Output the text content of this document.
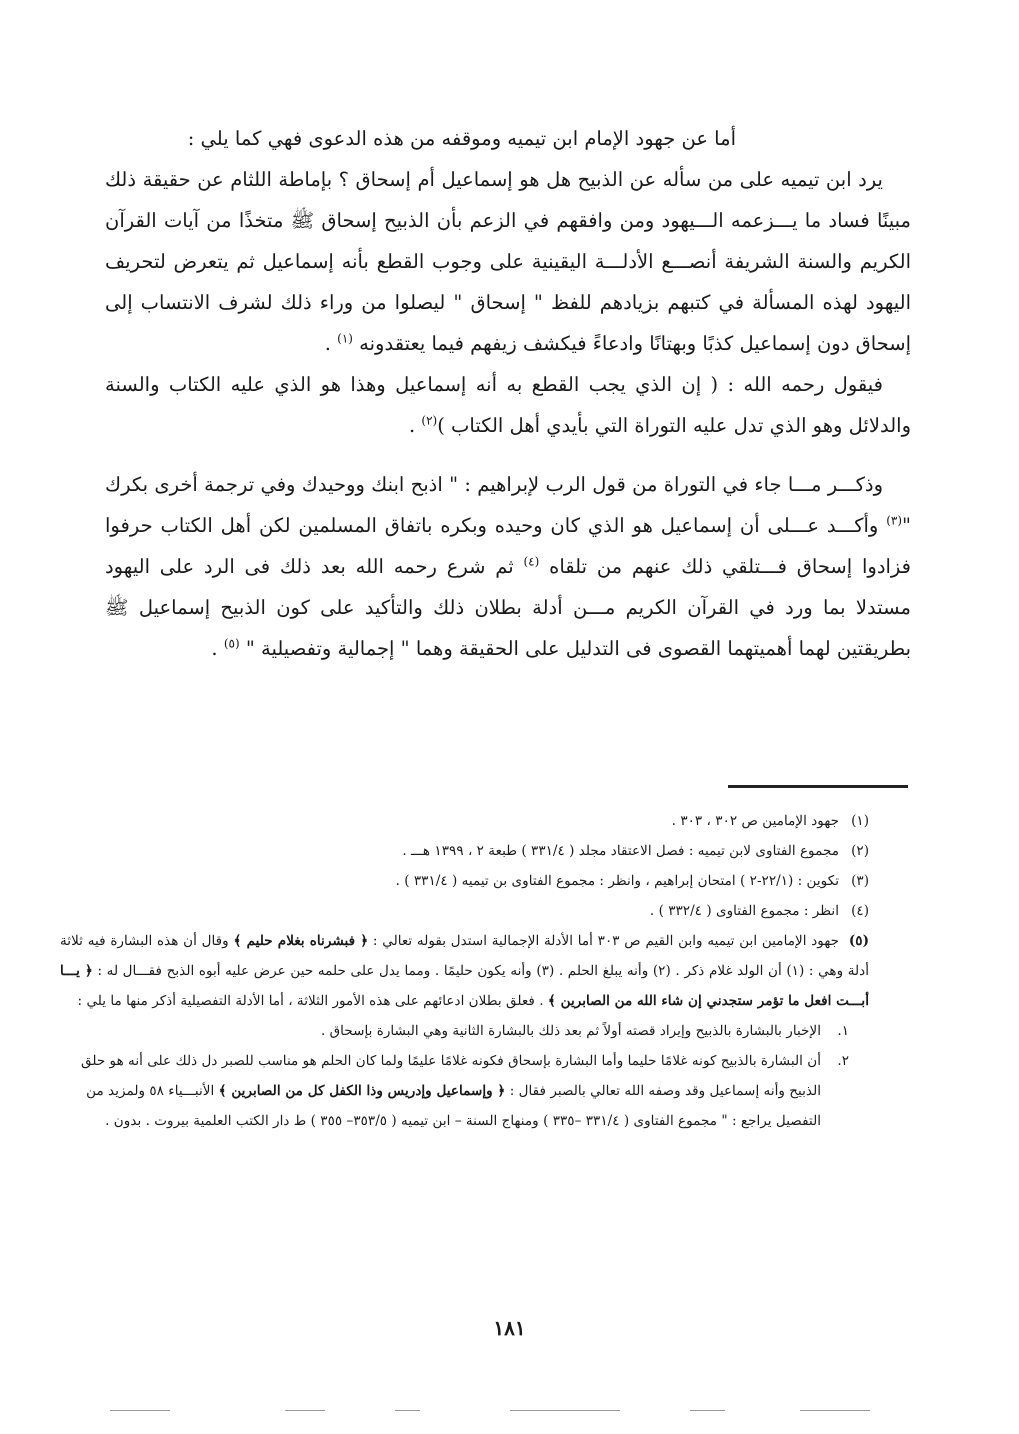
أما عن جهود الإمام ابن تيميه وموقفه من هذه الدعوى فهي كما يلي :

يرد ابن تيميه على من سأله عن الذبيح هل هو إسماعيل أم إسحاق ؟ بإماطة اللثام عن حقيقة ذلك مبينًا فساد ما يـــزعمه الـــيهود ومن وافقهم في الزعم بأن الذبيح إسحاق ﷺ متخذًا من آيات القرآن الكريم والسنة الشريفة أنصـــع الأدلـــة اليقينية على وجوب القطع بأنه إسماعيل ثم يتعرض لتحريف اليهود لهذه المسألة في كتبهم بزيادهم للفظ " إسحاق " ليصلوا من وراء ذلك لشرف الانتساب إلى إسحاق دون إسماعيل كذبًا وبهتانًا وادعاءً فيكشف زيفهم فيما يعتقدونه $^{(١)}$ .

فيقول رحمه الله : ( إن الذي يجب القطع به أنه إسماعيل وهذا هو الذي عليه الكتاب والسنة والدلائل وهو الذي تدل عليه التوراة التي بأيدي أهل الكتاب )$^{(٢)}$ .

وذكـــر مـــا جاء في التوراة من قول الرب لإبراهيم : " اذبح ابنك ووحيدك وفي ترجمة أخرى بكرك "$^{(٣)}$ وأكـــد عـــلى أن إسماعيل هو الذي كان وحيده وبكره باتفاق المسلمين لكن أهل الكتاب حرفوا فزادوا إسحاق فـــتلقي ذلك عنهم من تلقاه $^{(٤)}$ ثم شرع رحمه الله بعد ذلك فى الرد على اليهود مستدلا بما ورد في القرآن الكريم مـــن أدلة بطلان ذلك والتأكيد على كون الذبيح إسماعيل ﷺ بطريقتين لهما أهميتهما القصوى فى التدليل على الحقيقة وهما " إجمالية وتفصيلية " $^{(٥)}$ .

(١)جهود الإمامين ص ٣٠٢ ، ٣٠٣ .

(٢)مجموع الفتاوى لابن تيميه : فصل الاعتقاد مجلد ( ٣٣١/٤ ) طبعة ٢ ، ١٣٩٩ هـــ .

(٣)تكوين : (٢٢/١-٢ ) امتحان إبراهيم ، وانظر : مجموع الفتاوى بن تيميه ( ٣٣١/٤ ) .

(٤)انظر : مجموع الفتاوى ( ٣٣٢/٤ ) .

(٥)جهود الإمامين ابن تيميه وابن القيم ص ٣٠٣ أما الأدلة الإجمالية استدل بقوله تعالي : ﴿ فبشرناه بغلام حليم ﴾ وقال أن هذه البشارة فيه ثلاثة أدلة وهي : (١) أن الولد غلام ذكر . (٢) وأنه يبلغ الحلم . (٣) وأنه يكون حليمًا . ومما يدل على حلمه حين عرض عليه أبوه الذبح فقـــال له : ﴿ يـــا أبـــت افعل ما تؤمر ستجدني إن شاء الله من الصابرين ﴾ . فعلق بطلان ادعائهم على هذه الأمور الثلاثة ، أما الأدلة التفصيلية أذكر منها ما يلي :

١.
الإخبار بالبشارة بالذبيح وإيراد قصته أولاً ثم بعد ذلك بالبشارة الثانية وهي البشارة بإسحاق .
٢.
أن البشارة بالذبيح كونه غلامًا حليما وأما البشارة بإسحاق فكونه غلامًا عليمًا ولما كان الحلم هو مناسب للصبر دل ذلك على أنه هو حلق الذبيح وأنه إسماعيل وقد وصفه الله تعالي بالصبر فقال : ﴿ وإسماعيل وإدريس وذا الكفل كل من الصابرين ﴾ الأنبـــياء ٥٨ ولمزيد من التفصيل يراجع : " مجموع الفتاوى ( ٣٣١/٤ –٣٣٥ ) ومنهاج السنة – ابن تيميه ( ٣٥٣/٥– ٣٥٥ ) ط دار الكتب العلمية بيروت . بدون .
١٨١
